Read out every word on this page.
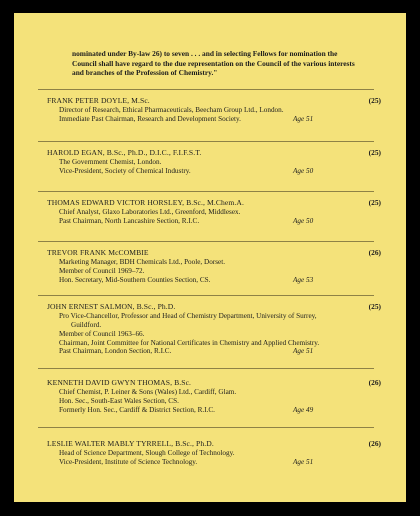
nominated under By-law 26) to seven . . . and in selecting Fellows for nomination the
Council shall have regard to the due representation on the Council of the various interests
and branches of the Profession of Chemistry."
FRANK PETER DOYLE, M.Sc.	(25)
Director of Research, Ethical Pharmaceuticals, Beecham Group Ltd., London.
Immediate Past Chairman, Research and Development Society.	Age 51
HAROLD EGAN, B.Sc., Ph.D., D.I.C., F.I.F.S.T.	(25)
The Government Chemist, London.
Vice-President, Society of Chemical Industry.	Age 50
THOMAS EDWARD VICTOR HORSLEY, B.Sc., M.Chem.A.	(25)
Chief Analyst, Glaxo Laboratories Ltd., Greenford, Middlesex.
Past Chairman, North Lancashire Section, R.I.C.	Age 50
TREVOR FRANK McCOMBIE	(26)
Marketing Manager, BDH Chemicals Ltd., Poole, Dorset.
Member of Council 1969–72.
Hon. Secretary, Mid-Southern Counties Section, CS.	Age 53
JOHN ERNEST SALMON, B.Sc., Ph.D.	(25)
Pro Vice-Chancellor, Professor and Head of Chemistry Department, University of Surrey,
Guildford.
Member of Council 1963–66.
Chairman, Joint Committee for National Certificates in Chemistry and Applied Chemistry.
Past Chairman, London Section, R.I.C.	Age 51
KENNETH DAVID GWYN THOMAS, B.Sc.	(26)
Chief Chemist, P. Leiner & Sons (Wales) Ltd., Cardiff, Glam.
Hon. Sec., South-East Wales Section, CS.
Formerly Hon. Sec., Cardiff & District Section, R.I.C.	Age 49
LESLIE WALTER MABLY TYRRELL, B.Sc., Ph.D.	(26)
Head of Science Department, Slough College of Technology.
Vice-President, Institute of Science Technology.	Age 51
